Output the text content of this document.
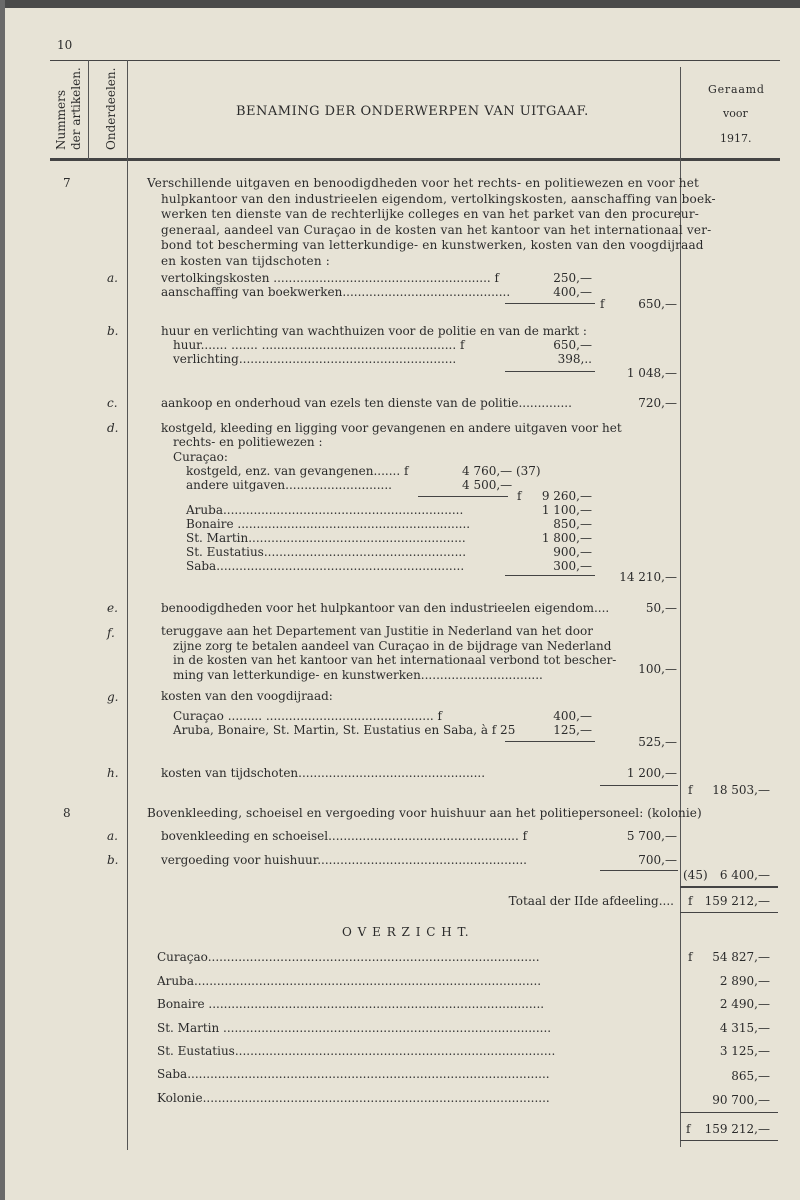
10
Nummers der artikelen. Onderdeelen.	BENAMING DER ONDERWERPEN VAN UITGAAF.
Geraamd
voor
1917.
7	Verschillende uitgaven en benoodigdheden voor het rechts- en politiewezen en voor het
hulpkantoor van den industrieelen eigendom, vertolkingskosten, aanschaffing van boek-
werken ten dienste van de rechterlijke colleges en van het parket van den procureur-
generaal, aandeel van Curaçao in de kosten van het kantoor van het internationaal ver-
bond tot bescherming van letterkundige- en kunstwerken, kosten van den voogdijraad
en kosten van tijdschoten :
a.	vertolkingskosten ......................................................... f	250,—
aanschaffing van boekwerken............................................	400,—
f	650,—
b.	huur en verlichting van wachthuizen voor de politie en van de markt :
huur....... ....... ................................................... f	650,—
verlichting.........................................................	398,..
1 048,—
c.	aankoop en onderhoud van ezels ten dienste van de politie..............	720,—
d.	kostgeld, kleeding en ligging voor gevangenen en andere uitgaven voor het
rechts- en politiewezen :
Curaçao:
kostgeld, enz. van gevangenen....... f	4 760,— (37)
andere uitgaven............................	4 500,—
f	9 260,—
Aruba...............................................................	1 100,—
Bonaire .............................................................	850,—
St. Martin.........................................................	1 800,—
St. Eustatius.....................................................	900,—
Saba.................................................................	300,—
14 210,—
e.	benoodigdheden voor het hulpkantoor van den industrieelen eigendom....	50,—
f.	teruggave aan het Departement van Justitie in Nederland van het door
zijne zorg te betalen aandeel van Curaçao in de bijdrage van Nederland
in de kosten van het kantoor van het internationaal verbond tot bescher-
ming van letterkundige- en kunstwerken................................	100,—
g.	kosten van den voogdijraad:
Curaçao ......... ............................................ f	400,—
Aruba, Bonaire, St. Martin, St. Eustatius en Saba, à f 25	125,—
525,—
h.	kosten van tijdschoten.................................................	1 200,—
f	18 503,—
8	Bovenkleeding, schoeisel en vergoeding voor huishuur aan het politiepersoneel: (kolonie)
a.	bovenkleeding en schoeisel.................................................. f	5 700,—
b.	vergoeding voor huishuur.......................................................	700,—
(45)	6 400,—
Totaal der IIde afdeeling.... f	159 212,—
O V E R Z I C H T.
Curaçao.......................................................................................	f	54 827,—
Aruba...........................................................................................	2 890,—
Bonaire ........................................................................................	2 490,—
St. Martin ......................................................................................	4 315,—
St. Eustatius....................................................................................	3 125,—
Saba...............................................................................................	865,—
Kolonie...........................................................................................	90 700,—
f	159 212,—
